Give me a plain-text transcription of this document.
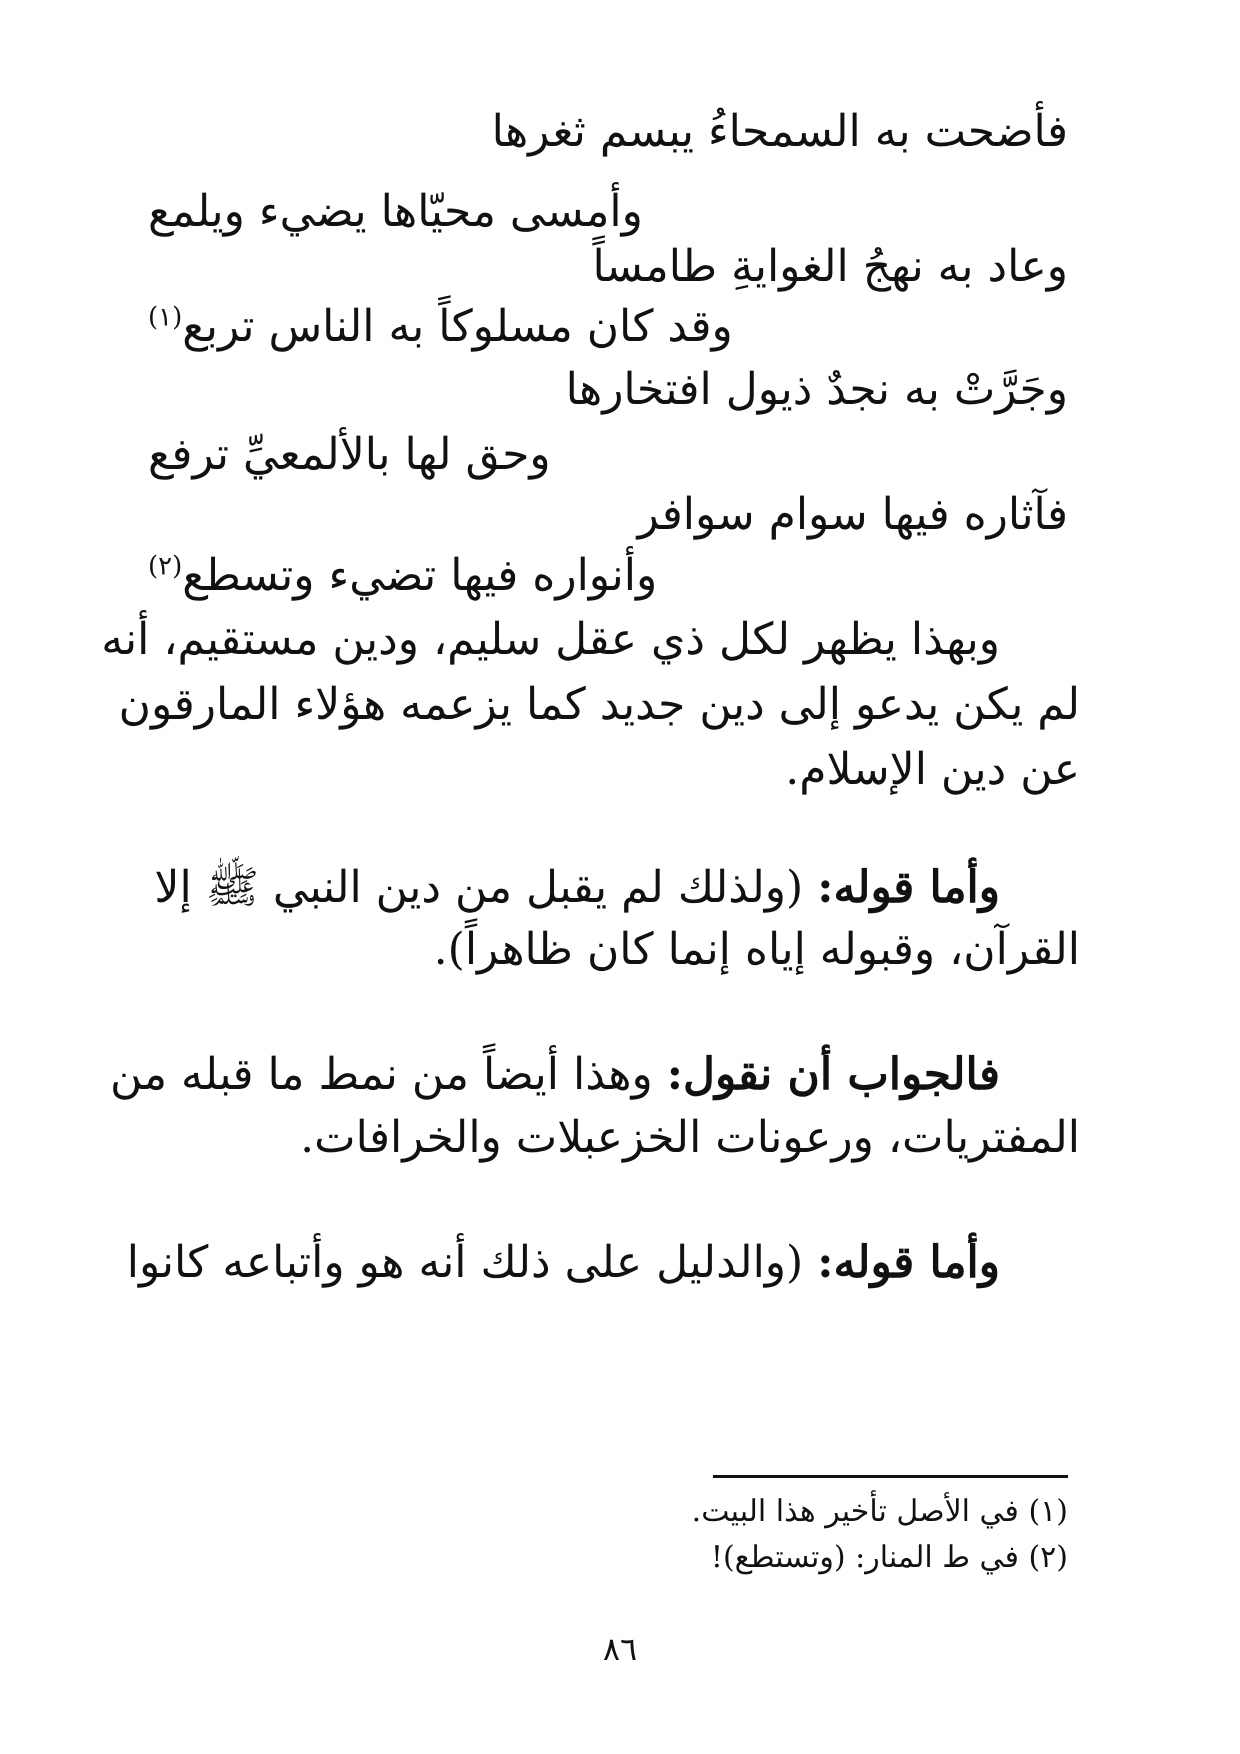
فأضحت به السمحاءُ يبسم ثغرها
وأمسى محيّاها يضيء ويلمع
وعاد به نهجُ الغوايةِ طامساً
وقد كان مسلوكاً به الناس تربع$^{(١)}$
وجَرَّتْ به نجدٌ ذيول افتخارها
وحق لها بالألمعيِّ ترفع
فآثاره فيها سوام سوافر
وأنواره فيها تضيء وتسطع$^{(٢)}$
وبهذا يظهر لكل ذي عقل سليم، ودين مستقيم، أنه
لم يكن يدعو إلى دين جديد كما يزعمه هؤلاء المارقون
عن دين الإسلام.
وأما قوله: (ولذلك لم يقبل من دين النبي ﷺ إلا
القرآن، وقبوله إياه إنما كان ظاهراً).
فالجواب أن نقول: وهذا أيضاً من نمط ما قبله من
المفتريات، ورعونات الخزعبلات والخرافات.
وأما قوله: (والدليل على ذلك أنه هو وأتباعه كانوا
(١) في الأصل تأخير هذا البيت.
(٢) في ط المنار: (وتستطع)!
٨٦
